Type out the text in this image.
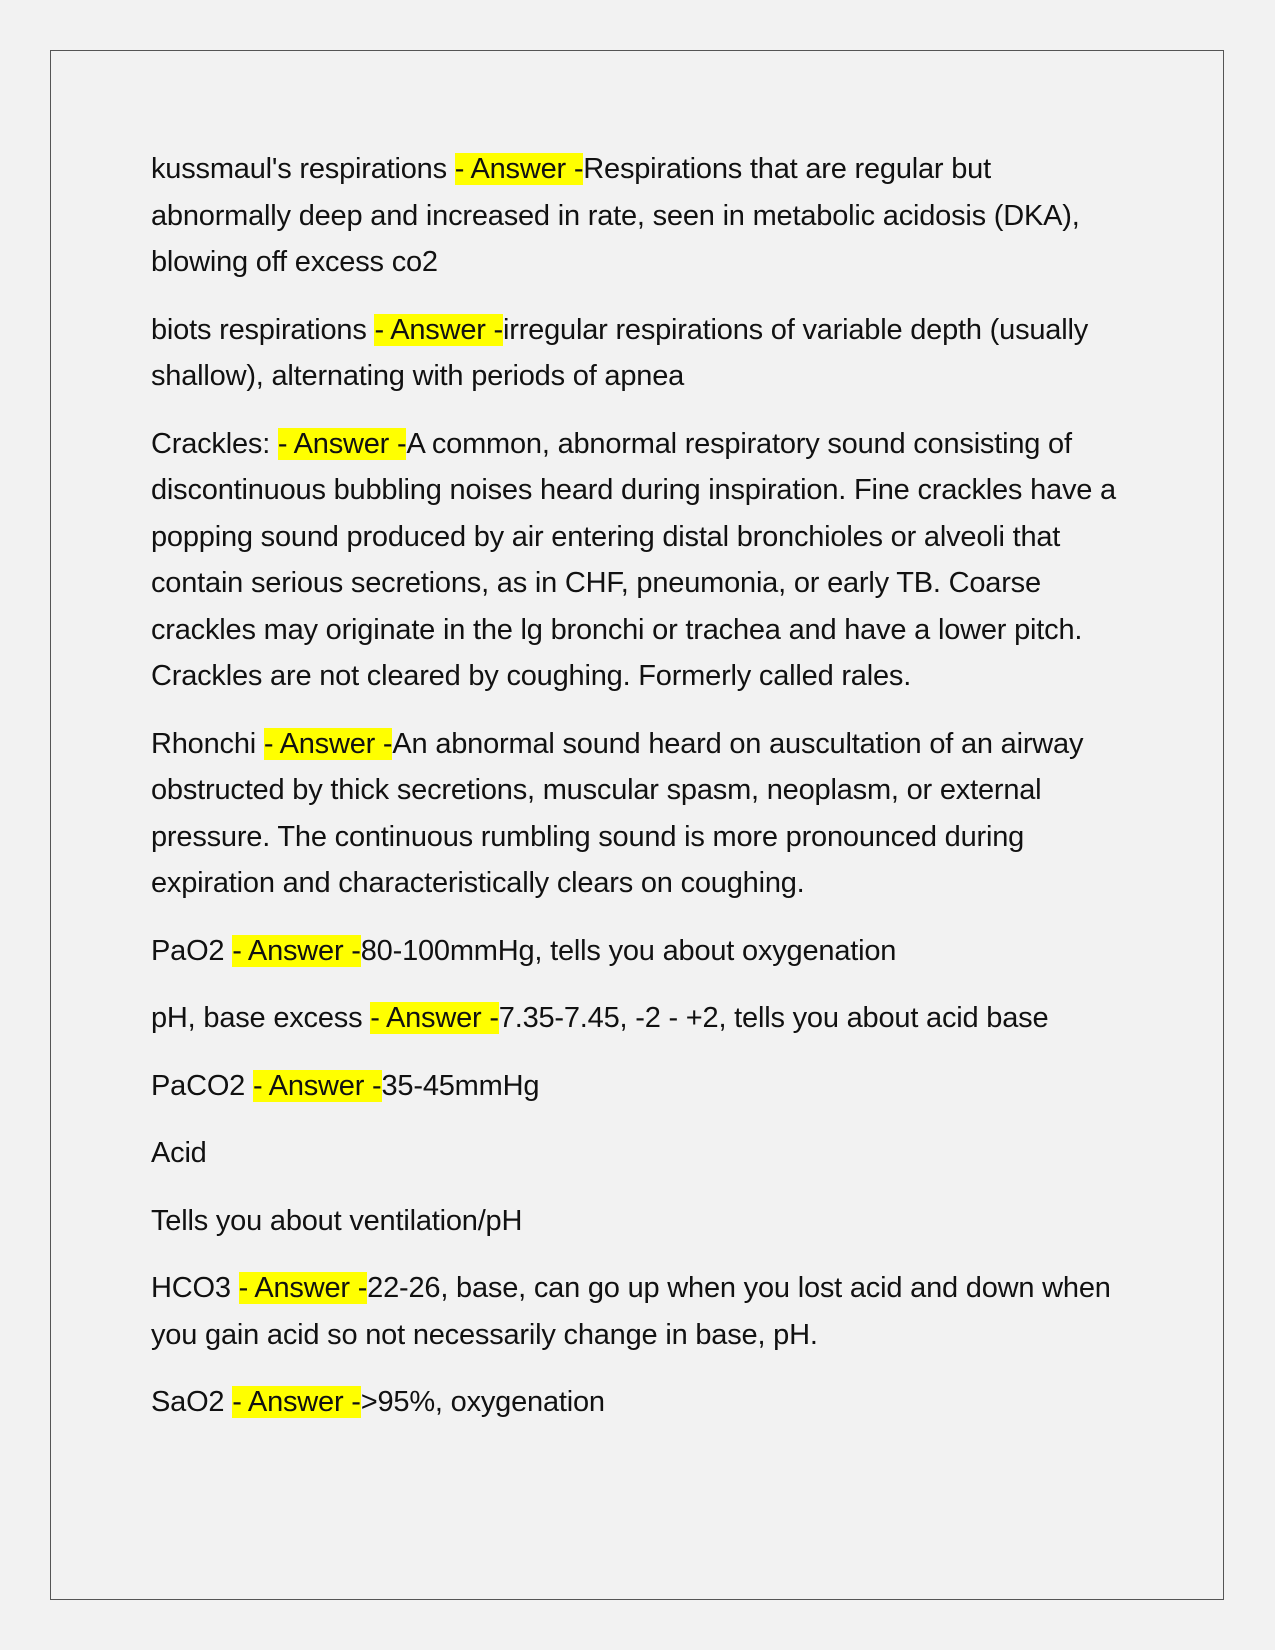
kussmaul's respirations - Answer -Respirations that are regular but abnormally deep and increased in rate, seen in metabolic acidosis (DKA), blowing off excess co2

biots respirations - Answer -irregular respirations of variable depth (usually shallow), alternating with periods of apnea

Crackles: - Answer -A common, abnormal respiratory sound consisting of discontinuous bubbling noises heard during inspiration. Fine crackles have a popping sound produced by air entering distal bronchioles or alveoli that contain serious secretions, as in CHF, pneumonia, or early TB. Coarse crackles may originate in the lg bronchi or trachea and have a lower pitch. Crackles are not cleared by coughing. Formerly called rales.

Rhonchi - Answer -An abnormal sound heard on auscultation of an airway obstructed by thick secretions, muscular spasm, neoplasm, or external pressure. The continuous rumbling sound is more pronounced during expiration and characteristically clears on coughing.

PaO2 - Answer -80-100mmHg, tells you about oxygenation

pH, base excess - Answer -7.35-7.45, -2 - +2, tells you about acid base

PaCO2 - Answer -35-45mmHg

Acid

Tells you about ventilation/pH

HCO3 - Answer -22-26, base, can go up when you lost acid and down when you gain acid so not necessarily change in base, pH.

SaO2 - Answer ->95%, oxygenation
